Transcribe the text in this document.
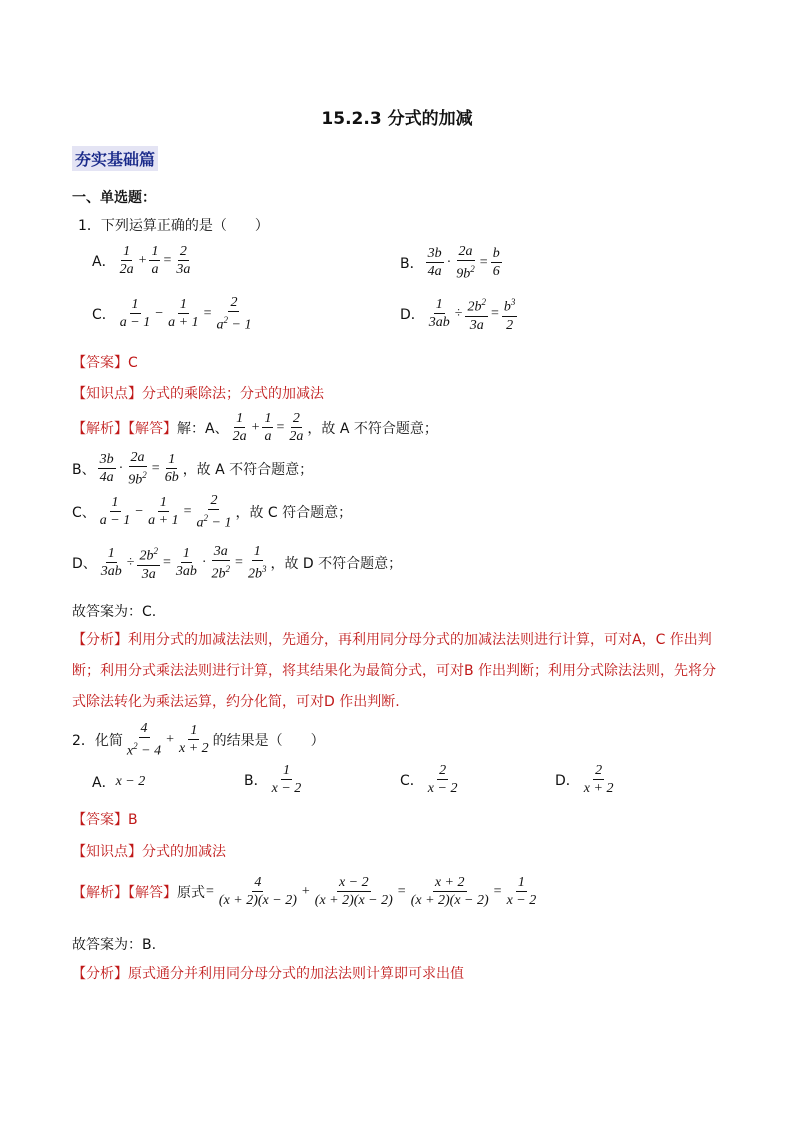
15.2.3 分式的加减
夯实基础篇
一、单选题：
1．下列运算正确的是（　　）
A． $\frac{1}{2a} + \frac{1}{a} = \frac{2}{3a}$	B． $\frac{3b}{4a} \cdot \frac{2a}{9b^2} = \frac{b}{6}$
C． $\frac{1}{a - 1} - \frac{1}{a + 1} = \frac{2}{a^2 - 1}$	D． $\frac{1}{3ab} \div \frac{2b^2}{3a} = \frac{b^3}{2}$
【答案】C
【知识点】分式的乘除法；分式的加减法
【解析】【解答】 解：A、 $\frac{1}{2a} + \frac{1}{a} = \frac{2}{2a}$ ，故 A 不符合题意；
B、 $\frac{3b}{4a} \cdot \frac{2a}{9b^2} = \frac{1}{6b}$ ，故 A 不符合题意；
C、 $\frac{1}{a - 1} - \frac{1}{a + 1} = \frac{2}{a^2 - 1}$ ，故 C 符合题意；
D、 $\frac{1}{3ab} \div \frac{2b^2}{3a} = \frac{1}{3ab} \cdot \frac{3a}{2b^2} = \frac{1}{2b^3}$ ，故 D 不符合题意；
故答案为：C.
【分析】利用分式的加减法法则，先通分，再利用同分母分式的加减法法则进行计算，可对A，C 作出判断；利用分式乘法法则进行计算，将其结果化为最简分式，可对B 作出判断；利用分式除法法则，先将分式除法转化为乘法运算，约分化简，可对D 作出判断.
2．化简 $\frac{4}{x^2 - 4} + \frac{1}{x + 2}$ 的结果是（　　）
A． x − 2	B． $\frac{1}{x - 2}$	C． $\frac{2}{x - 2}$	D． $\frac{2}{x + 2}$
【答案】B
【知识点】分式的加减法
【解析】【解答】 原式 = $\frac{4}{(x + 2)(x - 2)} + \frac{x - 2}{(x + 2)(x - 2)} = \frac{x + 2}{(x + 2)(x - 2)} = \frac{1}{x - 2}$
故答案为：B.
【分析】原式通分并利用同分母分式的加法法则计算即可求出值
